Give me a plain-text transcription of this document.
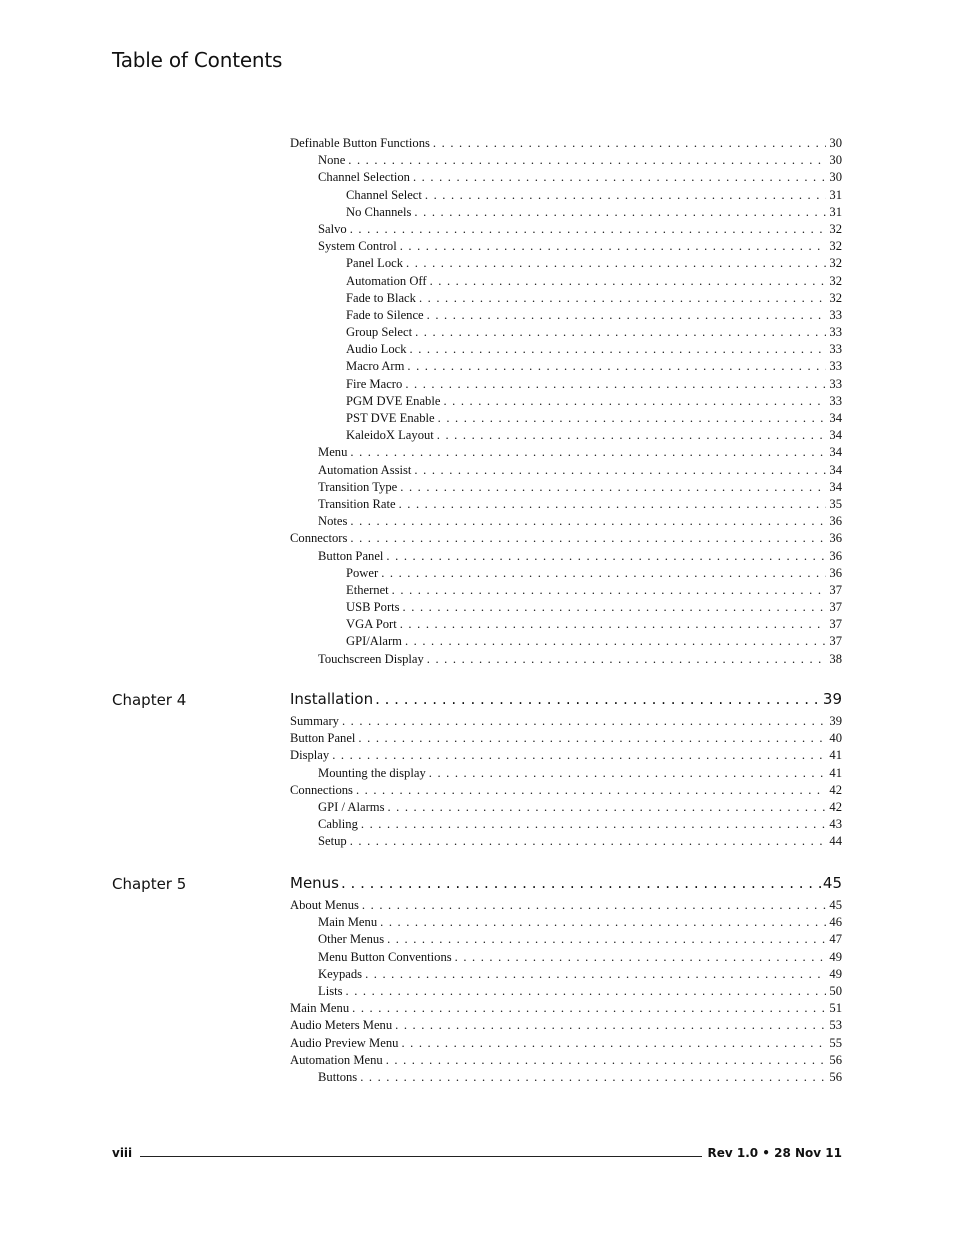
Table of Contents
Definable Button Functions . . .	30
None . . .	30
Channel Selection . . .	30
Channel Select . . .	31
No Channels . . .	31
Salvo . . .	32
System Control . . .	32
Panel Lock . . .	32
Automation Off . . .	32
Fade to Black . . .	32
Fade to Silence . . .	33
Group Select . . .	33
Audio Lock . . .	33
Macro Arm . . .	33
Fire Macro . . .	33
PGM DVE Enable . . .	33
PST DVE Enable . . .	34
KaleidoX Layout . . .	34
Menu . . .	34
Automation Assist . . .	34
Transition Type . . .	34
Transition Rate . . .	35
Notes . . .	36
Connectors . . .	36
Button Panel . . .	36
Power . . .	36
Ethernet . . .	37
USB Ports . . .	37
VGA Port . . .	37
GPI/Alarm . . .	37
Touchscreen Display . . .	38
Chapter 4	Installation . . .	39
Summary . . .	39
Button Panel . . .	40
Display . . .	41
Mounting the display . . .	41
Connections . . .	42
GPI / Alarms . . .	42
Cabling . . .	43
Setup . . .	44
Chapter 5	Menus . . .	45
About Menus . . .	45
Main Menu . . .	46
Other Menus . . .	47
Menu Button Conventions . . .	49
Keypads . . .	49
Lists . . .	50
Main Menu . . .	51
Audio Meters Menu . . .	53
Audio Preview Menu . . .	55
Automation Menu . . .	56
Buttons . . .	56
viii	Rev 1.0 • 28 Nov 11
